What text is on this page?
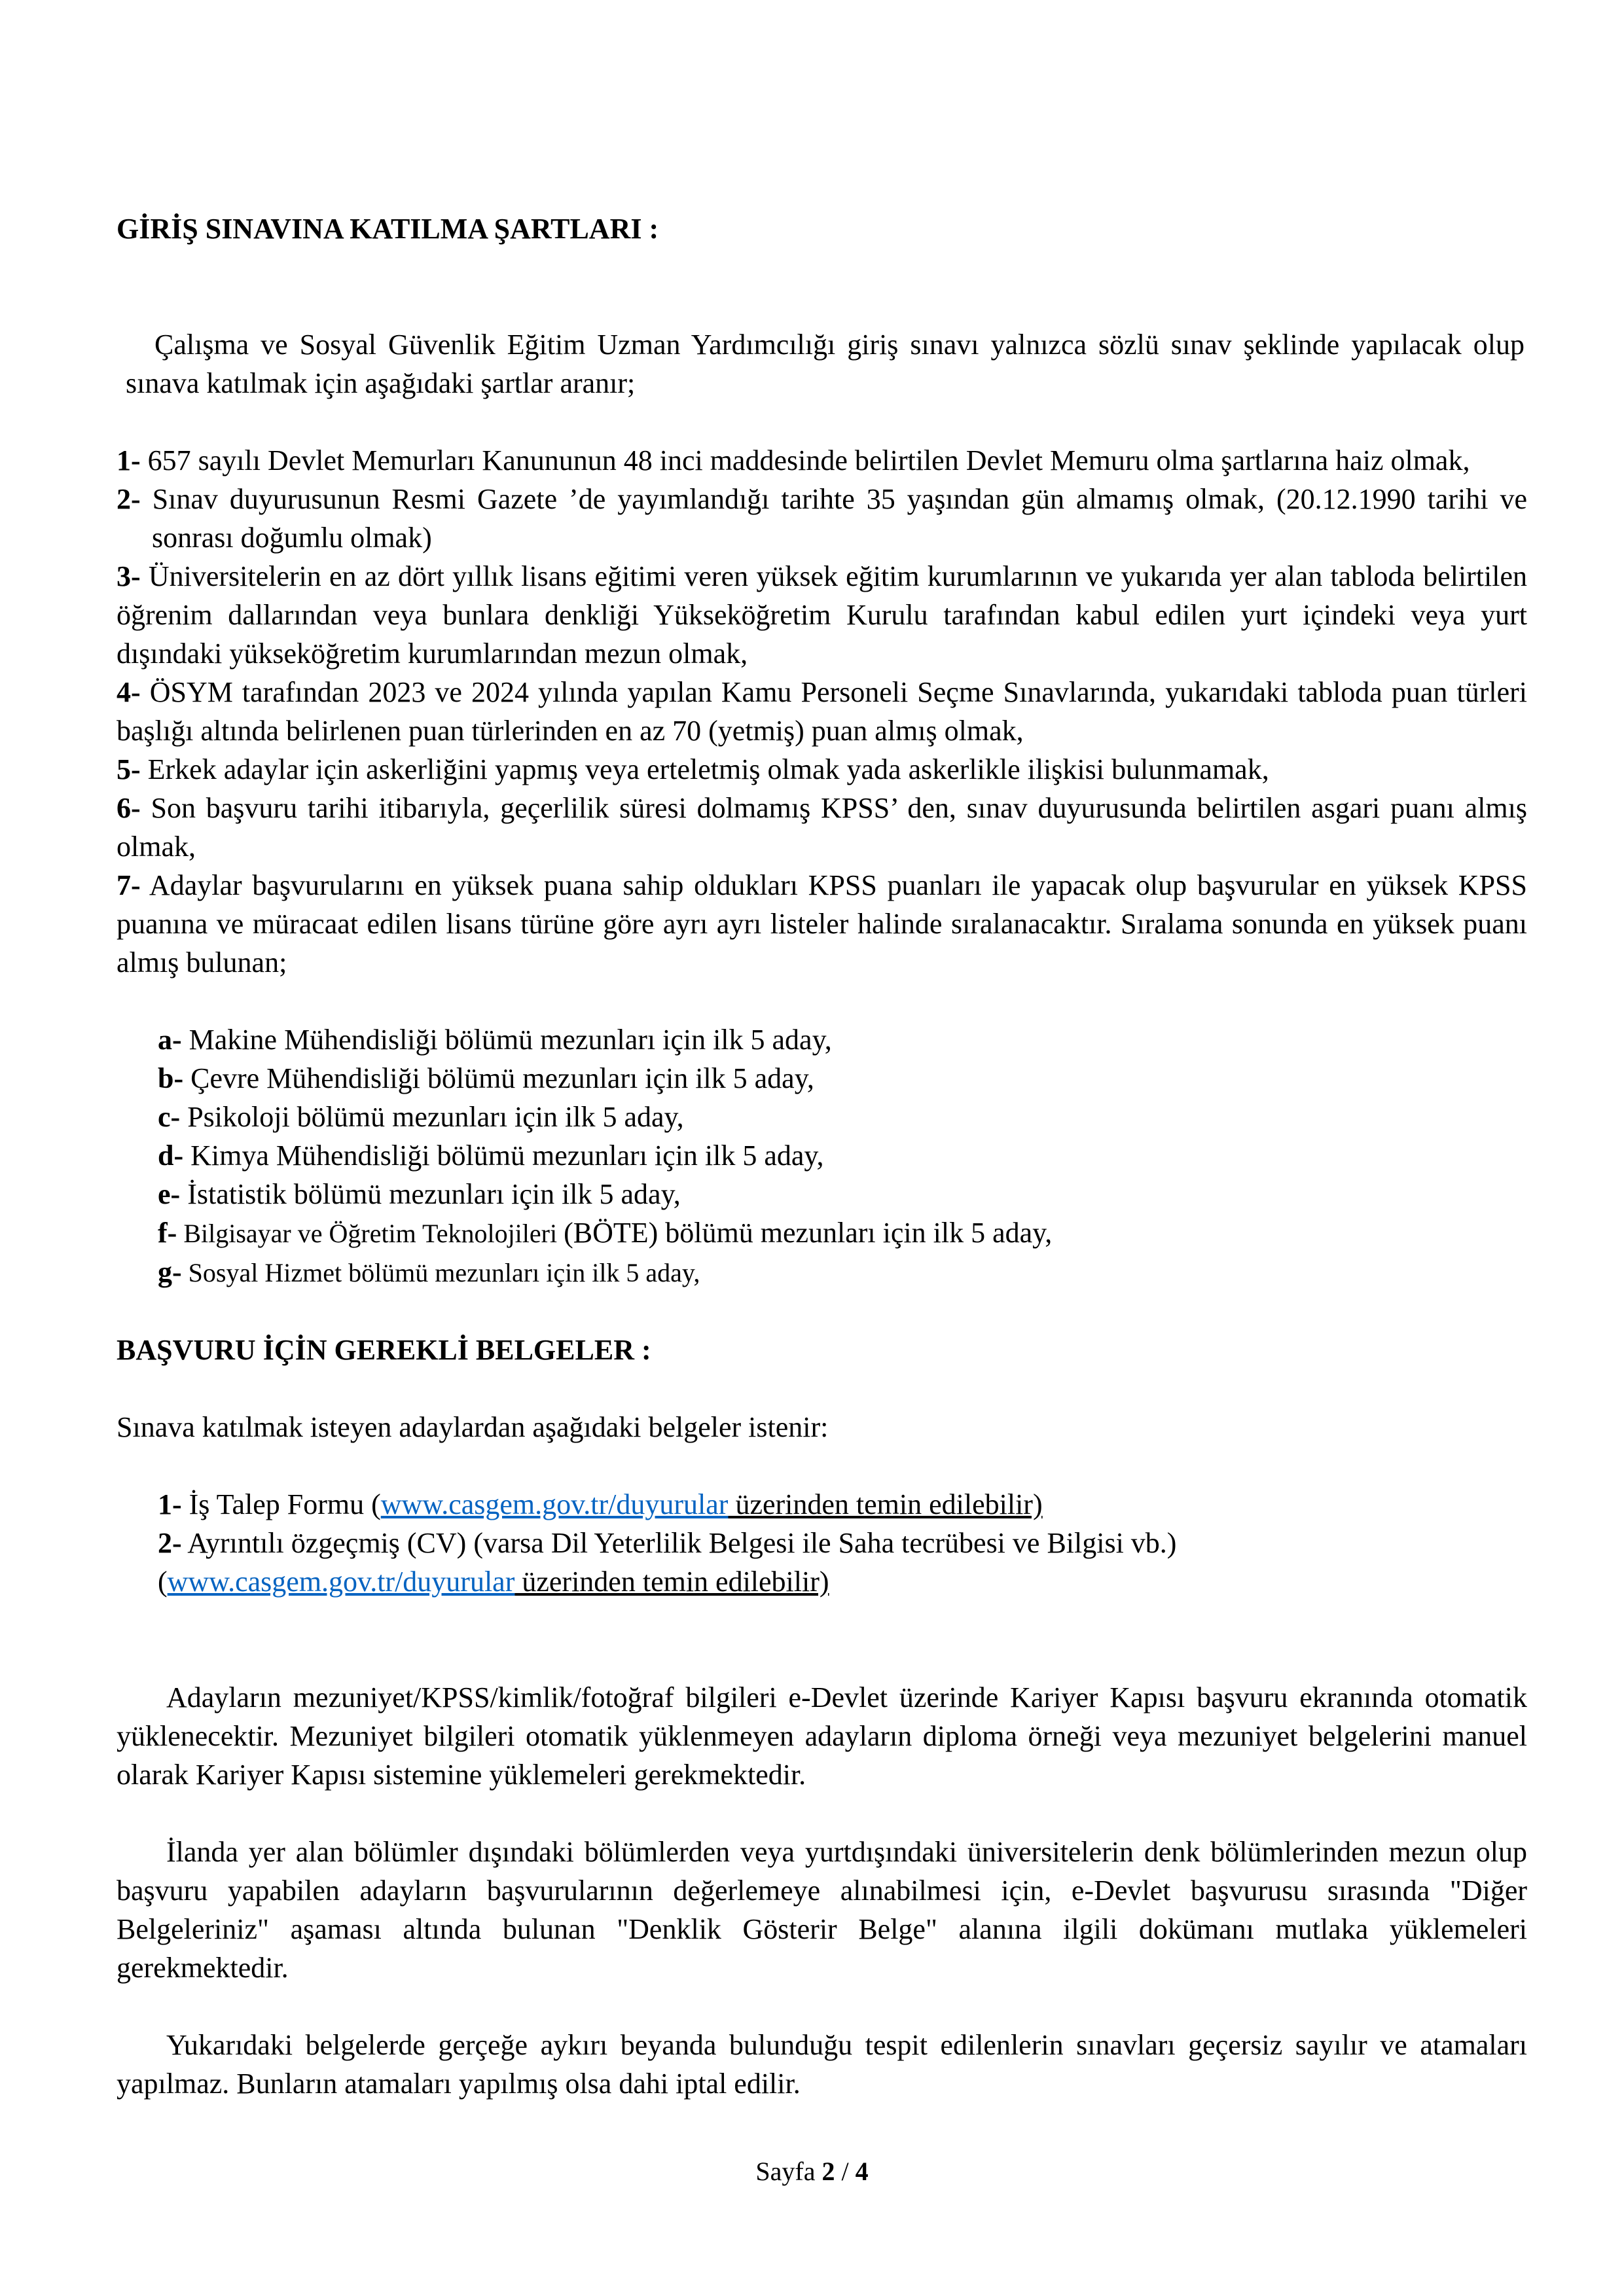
GİRİŞ SINAVINA KATILMA ŞARTLARI :

Çalışma ve Sosyal Güvenlik Eğitim Uzman Yardımcılığı giriş sınavı yalnızca sözlü sınav şeklinde yapılacak olup sınava katılmak için aşağıdaki şartlar aranır;

1- 657 sayılı Devlet Memurları Kanununun 48 inci maddesinde belirtilen Devlet Memuru olma şartlarına haiz olmak,

2- Sınav duyurusunun Resmi Gazete ’de yayımlandığı tarihte 35 yaşından gün almamış olmak, (20.12.1990 tarihi ve sonrası doğumlu olmak)

3- Üniversitelerin en az dört yıllık lisans eğitimi veren yüksek eğitim kurumlarının ve yukarıda yer alan tabloda belirtilen öğrenim dallarından veya bunlara denkliği Yükseköğretim Kurulu tarafından kabul edilen yurt içindeki veya yurt dışındaki yükseköğretim kurumlarından mezun olmak,

4- ÖSYM tarafından 2023 ve 2024 yılında yapılan Kamu Personeli Seçme Sınavlarında, yukarıdaki tabloda puan türleri başlığı altında belirlenen puan türlerinden en az 70 (yetmiş) puan almış olmak,

5- Erkek adaylar için askerliğini yapmış veya erteletmiş olmak yada askerlikle ilişkisi bulunmamak,

6- Son başvuru tarihi itibarıyla, geçerlilik süresi dolmamış KPSS’ den, sınav duyurusunda belirtilen asgari puanı almış olmak,

7- Adaylar başvurularını en yüksek puana sahip oldukları KPSS puanları ile yapacak olup başvurular en yüksek KPSS puanına ve müracaat edilen lisans türüne göre ayrı ayrı listeler halinde sıralanacaktır. Sıralama sonunda en yüksek puanı almış bulunan;

a- Makine Mühendisliği bölümü mezunları için ilk 5 aday,

b- Çevre Mühendisliği bölümü mezunları için ilk 5 aday,

c- Psikoloji bölümü mezunları için ilk 5 aday,

d- Kimya Mühendisliği bölümü mezunları için ilk 5 aday,

e- İstatistik bölümü mezunları için ilk 5 aday,

f- Bilgisayar ve Öğretim Teknolojileri (BÖTE) bölümü mezunları için ilk 5 aday,

g- Sosyal Hizmet bölümü mezunları için ilk 5 aday,

BAŞVURU İÇİN GEREKLİ BELGELER :

Sınava katılmak isteyen adaylardan aşağıdaki belgeler istenir:

1- İş Talep Formu (www.casgem.gov.tr/duyurular üzerinden temin edilebilir)

2- Ayrıntılı özgeçmiş (CV) (varsa Dil Yeterlilik Belgesi ile Saha tecrübesi ve Bilgisi vb.)

(www.casgem.gov.tr/duyurular üzerinden temin edilebilir)

Adayların mezuniyet/KPSS/kimlik/fotoğraf bilgileri e-Devlet üzerinde Kariyer Kapısı başvuru ekranında otomatik yüklenecektir. Mezuniyet bilgileri otomatik yüklenmeyen adayların diploma örneği veya mezuniyet belgelerini manuel olarak Kariyer Kapısı sistemine yüklemeleri gerekmektedir.

İlanda yer alan bölümler dışındaki bölümlerden veya yurtdışındaki üniversitelerin denk bölümlerinden mezun olup başvuru yapabilen adayların başvurularının değerlemeye alınabilmesi için, e-Devlet başvurusu sırasında "Diğer Belgeleriniz" aşaması altında bulunan "Denklik Gösterir Belge" alanına ilgili dokümanı mutlaka yüklemeleri gerekmektedir.

Yukarıdaki belgelerde gerçeğe aykırı beyanda bulunduğu tespit edilenlerin sınavları geçersiz sayılır ve atamaları yapılmaz. Bunların atamaları yapılmış olsa dahi iptal edilir.

Sayfa 2 / 4
